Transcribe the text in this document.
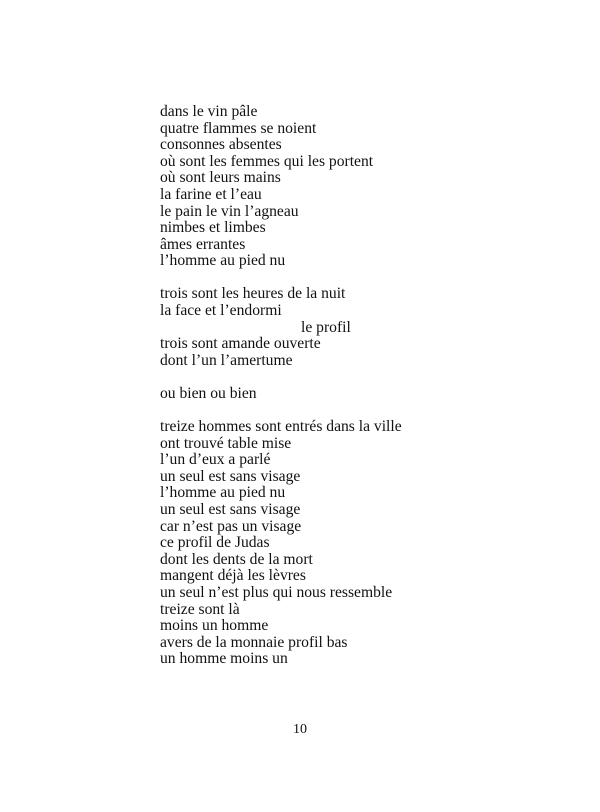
dans le vin pâle
quatre flammes se noient
consonnes absentes
où sont les femmes qui les portent
où sont leurs mains
la farine et l’eau
le pain le vin l’agneau
nimbes et limbes
âmes errantes
l’homme au pied nu
trois sont les heures de la nuit
la face et l’endormi
le profil
trois sont amande ouverte
dont l’un l’amertume
ou bien ou bien
treize hommes sont entrés dans la ville
ont trouvé table mise
l’un d’eux a parlé
un seul est sans visage
l’homme au pied nu
un seul est sans visage
car n’est pas un visage
ce profil de Judas
dont les dents de la mort
mangent déjà les lèvres
un seul n’est plus qui nous ressemble
treize sont là
moins un homme
avers de la monnaie profil bas
un homme moins un
10
